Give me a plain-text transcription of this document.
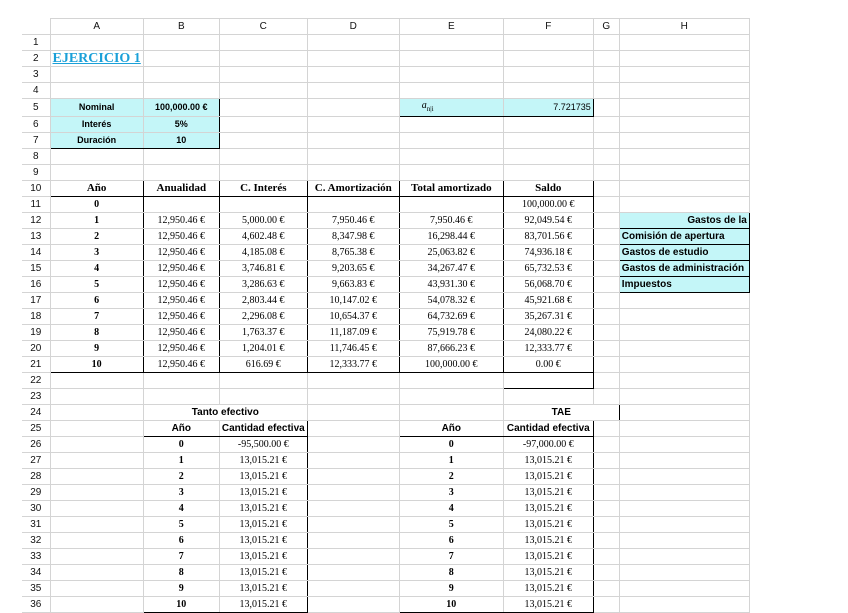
	A	B	C	D	E	F	G	H
1								
2	EJERCICIO 1							
3								
4								
5	Nominal	100,000.00 €			$a_{n|i}$	7.721735		
6	Interés	5%						
7	Duración	10						
8								
9								
10	Año	Anualidad	C. Interés	C. Amortización	Total amortizado	Saldo		
11	0					100,000.00 €		
12	1	12,950.46 €	5,000.00 €	7,950.46 €	7,950.46 €	92,049.54 €		Gastos de la
13	2	12,950.46 €	4,602.48 €	8,347.98 €	16,298.44 €	83,701.56 €		Comisión de apertura
14	3	12,950.46 €	4,185.08 €	8,765.38 €	25,063.82 €	74,936.18 €		Gastos de estudio
15	4	12,950.46 €	3,746.81 €	9,203.65 €	34,267.47 €	65,732.53 €		Gastos de administración
16	5	12,950.46 €	3,286.63 €	9,663.83 €	43,931.30 €	56,068.70 €		Impuestos
17	6	12,950.46 €	2,803.44 €	10,147.02 €	54,078.32 €	45,921.68 €		
18	7	12,950.46 €	2,296.08 €	10,654.37 €	64,732.69 €	35,267.31 €		
19	8	12,950.46 €	1,763.37 €	11,187.09 €	75,919.78 €	24,080.22 €		
20	9	12,950.46 €	1,204.01 €	11,746.45 €	87,666.23 €	12,333.77 €		
21	10	12,950.46 €	616.69 €	12,333.77 €	100,000.00 €	0.00 €		
22								
23								
24		Tanto efectivo				TAE		
25		Año	Cantidad efectiva		Año	Cantidad efectiva		
26		0	-95,500.00 €		0	-97,000.00 €		
27		1	13,015.21 €		1	13,015.21 €		
28		2	13,015.21 €		2	13,015.21 €		
29		3	13,015.21 €		3	13,015.21 €		
30		4	13,015.21 €		4	13,015.21 €		
31		5	13,015.21 €		5	13,015.21 €		
32		6	13,015.21 €		6	13,015.21 €		
33		7	13,015.21 €		7	13,015.21 €		
34		8	13,015.21 €		8	13,015.21 €		
35		9	13,015.21 €		9	13,015.21 €		
36		10	13,015.21 €		10	13,015.21 €		
